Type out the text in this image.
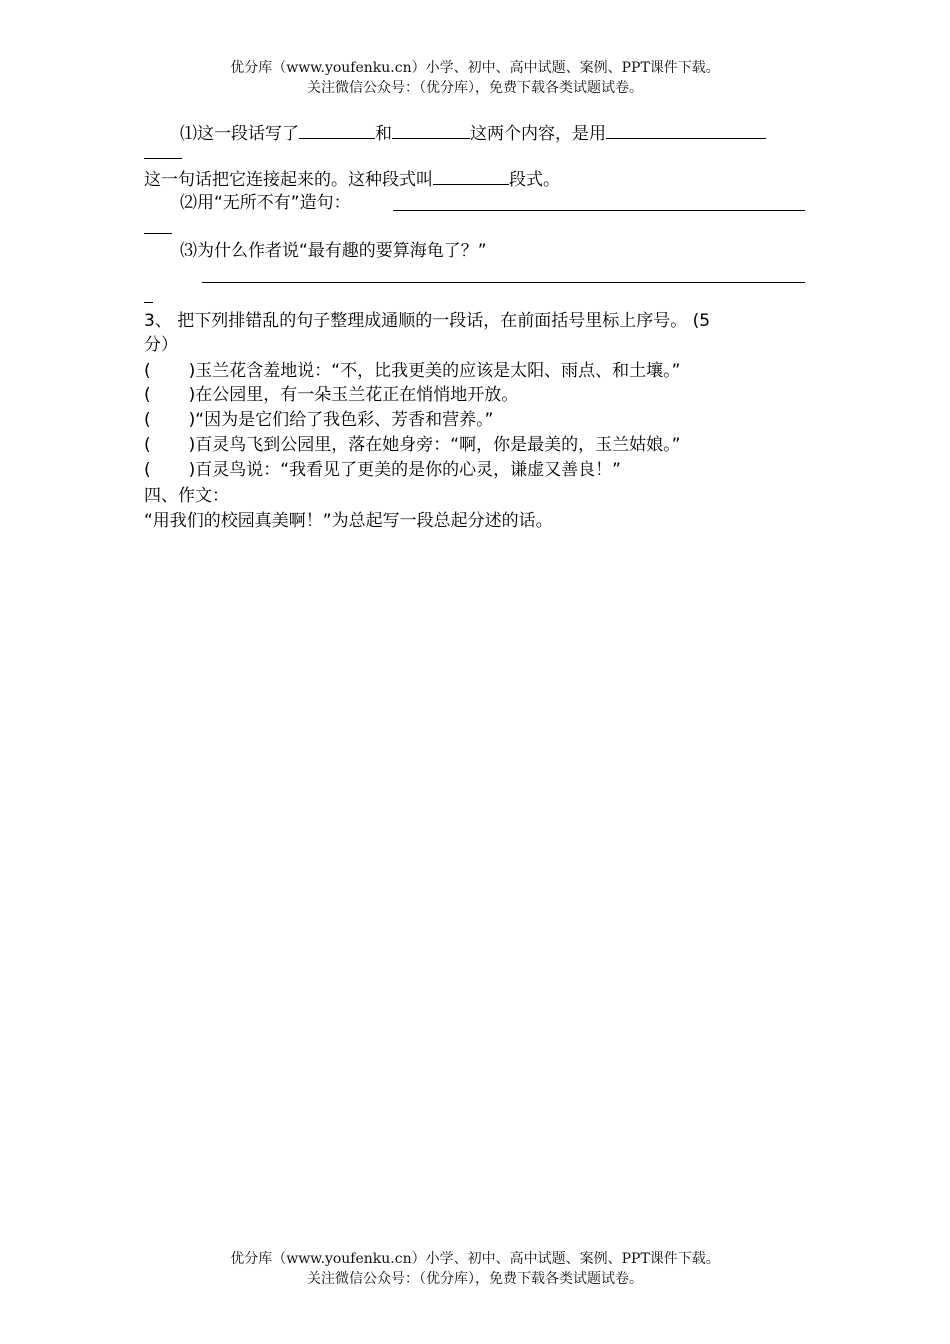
优分库（www.youfenku.cn）小学、初中、高中试题、案例、PPT课件下载。
关注微信公众号：（优分库），免费下载各类试题试卷。
⑴这一段话写了	和	这两个内容，是用
这一句话把它连接起来的。这种段式叫	段式。
⑵用“无所不有”造句：
⑶为什么作者说“最有趣的要算海龟了？”
3、 把下列排错乱的句子整理成通顺的一段话，在前面括号里标上序号。 (5
分）
( )玉兰花含羞地说：“不，比我更美的应该是太阳、雨点、和土壤。”
( )在公园里，有一朵玉兰花正在悄悄地开放。
( )“因为是它们给了我色彩、芳香和营养。”
( )百灵鸟飞到公园里，落在她身旁：“啊，你是最美的，玉兰姑娘。”
( )百灵鸟说：“我看见了更美的是你的心灵，谦虚又善良！”
四、作文：
“用我们的校园真美啊！”为总起写一段总起分述的话。
优分库（www.youfenku.cn）小学、初中、高中试题、案例、PPT课件下载。
关注微信公众号：（优分库），免费下载各类试题试卷。
